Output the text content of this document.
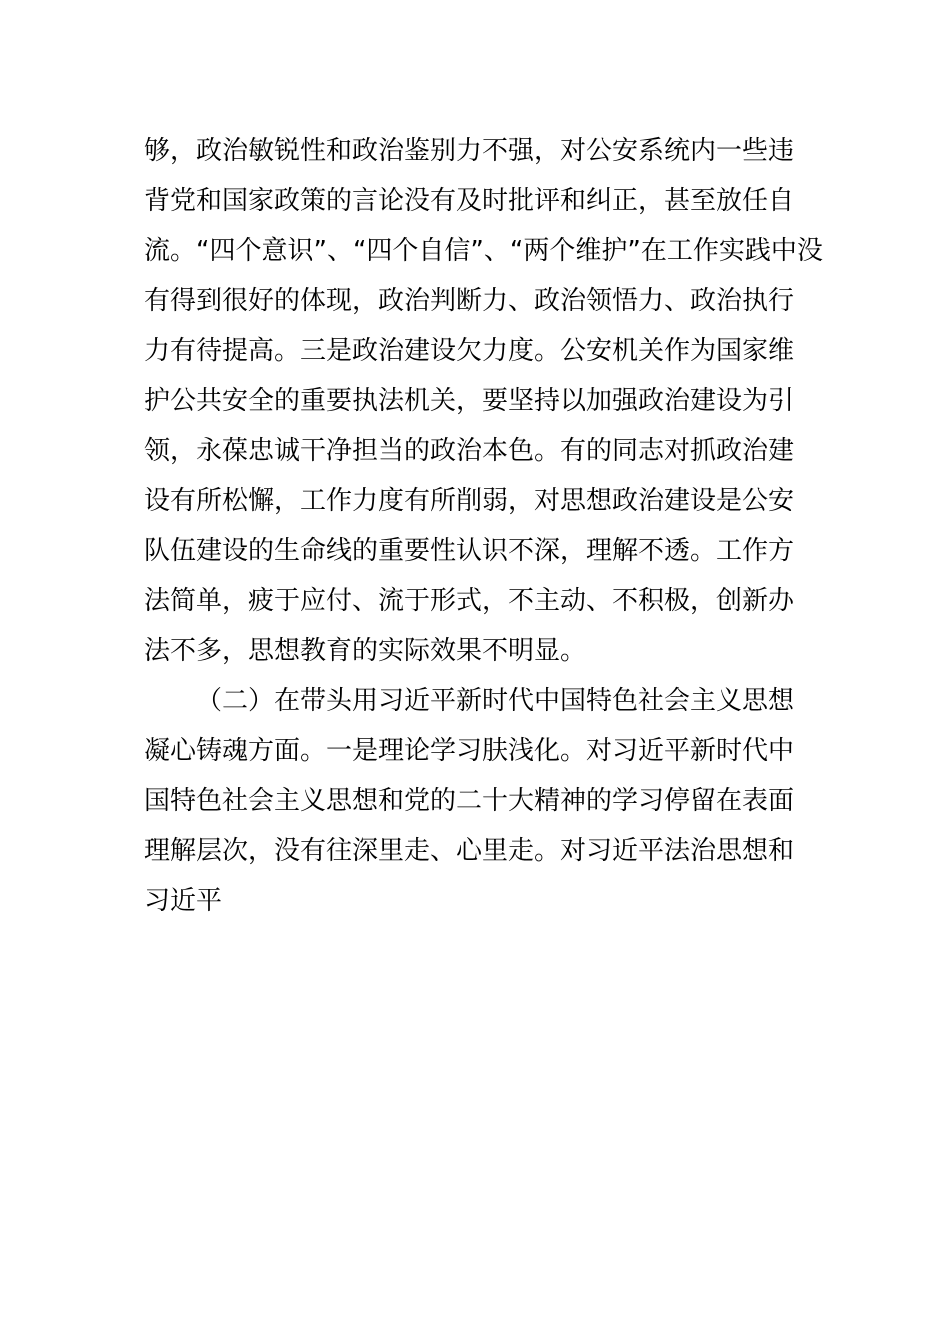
够，政治敏锐性和政治鉴别力不强，对公安系统内一些违
背党和国家政策的言论没有及时批评和纠正，甚至放任自
流。“四个意识”、“四个自信”、“两个维护”在工作实践中没
有得到很好的体现，政治判断力、政治领悟力、政治执行
力有待提高。三是政治建设欠力度。公安机关作为国家维
护公共安全的重要执法机关，要坚持以加强政治建设为引
领，永葆忠诚干净担当的政治本色。有的同志对抓政治建
设有所松懈，工作力度有所削弱，对思想政治建设是公安
队伍建设的生命线的重要性认识不深，理解不透。工作方
法简单，疲于应付、流于形式，不主动、不积极，创新办
法不多，思想教育的实际效果不明显。
（二）在带头用习近平新时代中国特色社会主义思想
凝心铸魂方面。一是理论学习肤浅化。对习近平新时代中
国特色社会主义思想和党的二十大精神的学习停留在表面
理解层次，没有往深里走、心里走。对习近平法治思想和
习近平
